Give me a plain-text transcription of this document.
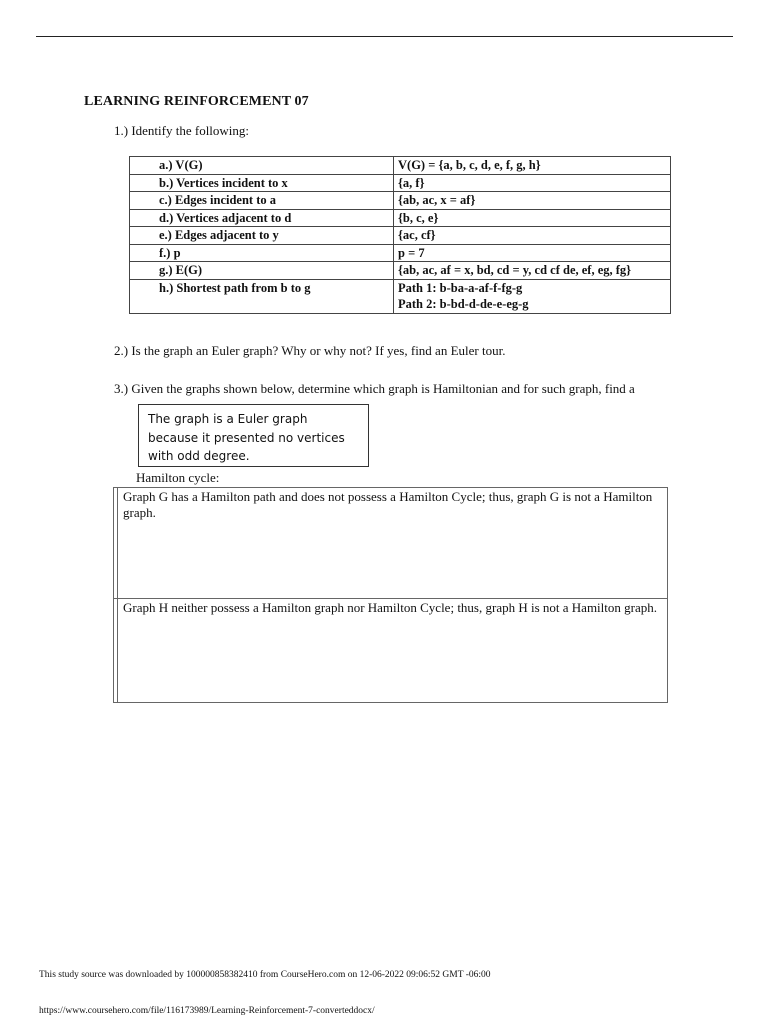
LEARNING REINFORCEMENT 07
1.) Identify the following:
a.) V(G)	V(G) = {a, b, c, d, e, f, g, h}
b.) Vertices incident to x	{a, f}
c.) Edges incident to a	{ab, ac, x = af}
d.) Vertices adjacent to d	{b, c, e}
e.) Edges adjacent to y	{ac, cf}
f.) p	p = 7
g.) E(G)	{ab, ac, af = x, bd, cd = y, cd cf de, ef, eg, fg}
h.) Shortest path from b to g	Path 1: b-ba-a-af-f-fg-g
Path 2: b-bd-d-de-e-eg-g
2.) Is the graph an Euler graph? Why or why not? If yes, find an Euler tour.
3.) Given the graphs shown below, determine which graph is Hamiltonian and for such graph, find a
The graph is a Euler graph because it presented no vertices with odd degree.
Hamilton cycle:
	Graph G has a Hamilton path and does not possess a Hamilton Cycle; thus, graph G is not a Hamilton graph.
	Graph H neither possess a Hamilton graph nor Hamilton Cycle; thus, graph H is not a Hamilton graph.
This study source was downloaded by 100000858382410 from CourseHero.com on 12-06-2022 09:06:52 GMT -06:00
https://www.coursehero.com/file/116173989/Learning-Reinforcement-7-converteddocx/
